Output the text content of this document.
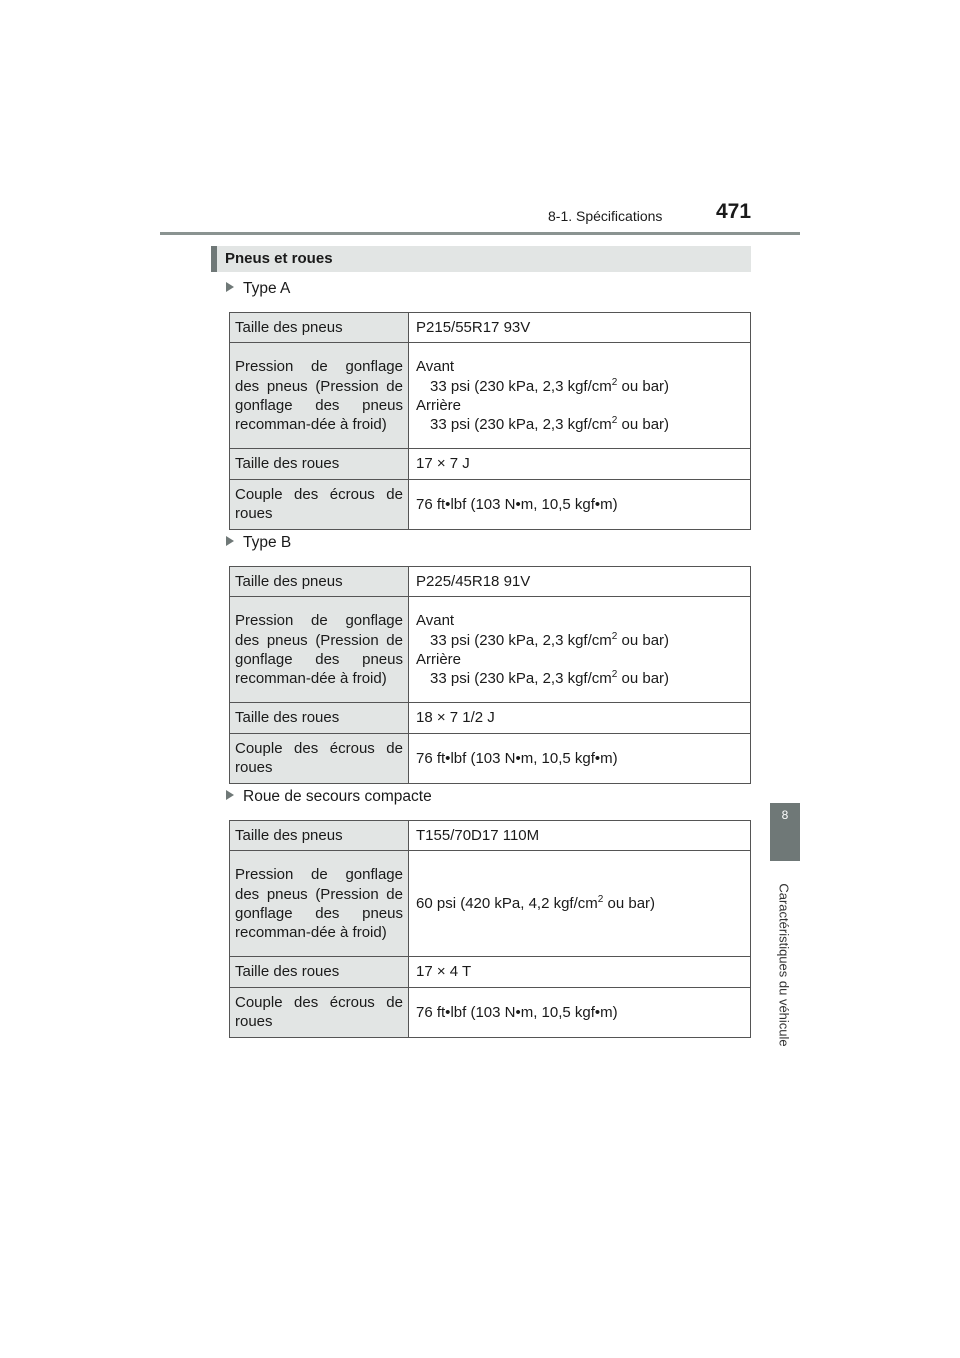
8-1. Spécifications	471
8
Caractéristiques du véhicule
Pneus et roues
Type A
Taille des pneus	P215/55R17 93V
Pression de gonflage des pneus (Pression de gonflage des pneus recomman-dée à froid)	Avant
33 psi (230 kPa, 2,3 kgf/$cm^2$ ou bar)
Arrière
33 psi (230 kPa, 2,3 kgf/$cm^2$ ou bar)

Taille des roues	17 × 7 J
Couple des écrous de roues	76 ft•lbf (103 N•m, 10,5 kgf•m)
Type B
Taille des pneus	P225/45R18 91V
Pression de gonflage des pneus (Pression de gonflage des pneus recomman-dée à froid)	Avant
33 psi (230 kPa, 2,3 kgf/$cm^2$ ou bar)
Arrière
33 psi (230 kPa, 2,3 kgf/$cm^2$ ou bar)

Taille des roues	18 × 7 1/2 J
Couple des écrous de roues	76 ft•lbf (103 N•m, 10,5 kgf•m)
Roue de secours compacte
Taille des pneus	T155/70D17 110M
Pression de gonflage des pneus (Pression de gonflage des pneus recomman-dée à froid)	60 psi (420 kPa, 4,2 kgf/$cm^2$ ou bar)
Taille des roues	17 × 4 T
Couple des écrous de roues	76 ft•lbf (103 N•m, 10,5 kgf•m)
